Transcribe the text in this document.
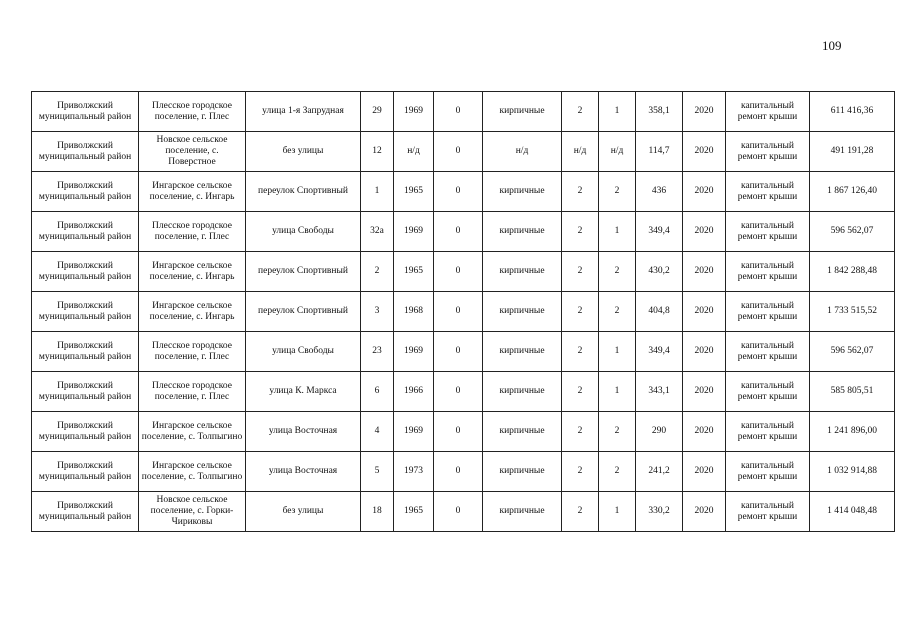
109
Приволжский муниципальный район	Плесское городское поселение, г. Плес	улица 1-я Запрудная	29	1969	0	кирпичные	2	1	358,1	2020	капитальный ремонт крыши	611 416,36
Приволжский муниципальный район	Новское сельское поселение, с. Поверстное	без улицы	12	н/д	0	н/д	н/д	н/д	114,7	2020	капитальный ремонт крыши	491 191,28
Приволжский муниципальный район	Ингарское сельское поселение, с. Ингарь	переулок Спортивный	1	1965	0	кирпичные	2	2	436	2020	капитальный ремонт крыши	1 867 126,40
Приволжский муниципальный район	Плесское городское поселение, г. Плес	улица Свободы	32а	1969	0	кирпичные	2	1	349,4	2020	капитальный ремонт крыши	596 562,07
Приволжский муниципальный район	Ингарское сельское поселение, с. Ингарь	переулок Спортивный	2	1965	0	кирпичные	2	2	430,2	2020	капитальный ремонт крыши	1 842 288,48
Приволжский муниципальный район	Ингарское сельское поселение, с. Ингарь	переулок Спортивный	3	1968	0	кирпичные	2	2	404,8	2020	капитальный ремонт крыши	1 733 515,52
Приволжский муниципальный район	Плесское городское поселение, г. Плес	улица Свободы	23	1969	0	кирпичные	2	1	349,4	2020	капитальный ремонт крыши	596 562,07
Приволжский муниципальный район	Плесское городское поселение, г. Плес	улица К. Маркса	6	1966	0	кирпичные	2	1	343,1	2020	капитальный ремонт крыши	585 805,51
Приволжский муниципальный район	Ингарское сельское поселение, с. Толпыгино	улица Восточная	4	1969	0	кирпичные	2	2	290	2020	капитальный ремонт крыши	1 241 896,00
Приволжский муниципальный район	Ингарское сельское поселение, с. Толпыгино	улица Восточная	5	1973	0	кирпичные	2	2	241,2	2020	капитальный ремонт крыши	1 032 914,88
Приволжский муниципальный район	Новское сельское поселение, с. Горки-Чириковы	без улицы	18	1965	0	кирпичные	2	1	330,2	2020	капитальный ремонт крыши	1 414 048,48
